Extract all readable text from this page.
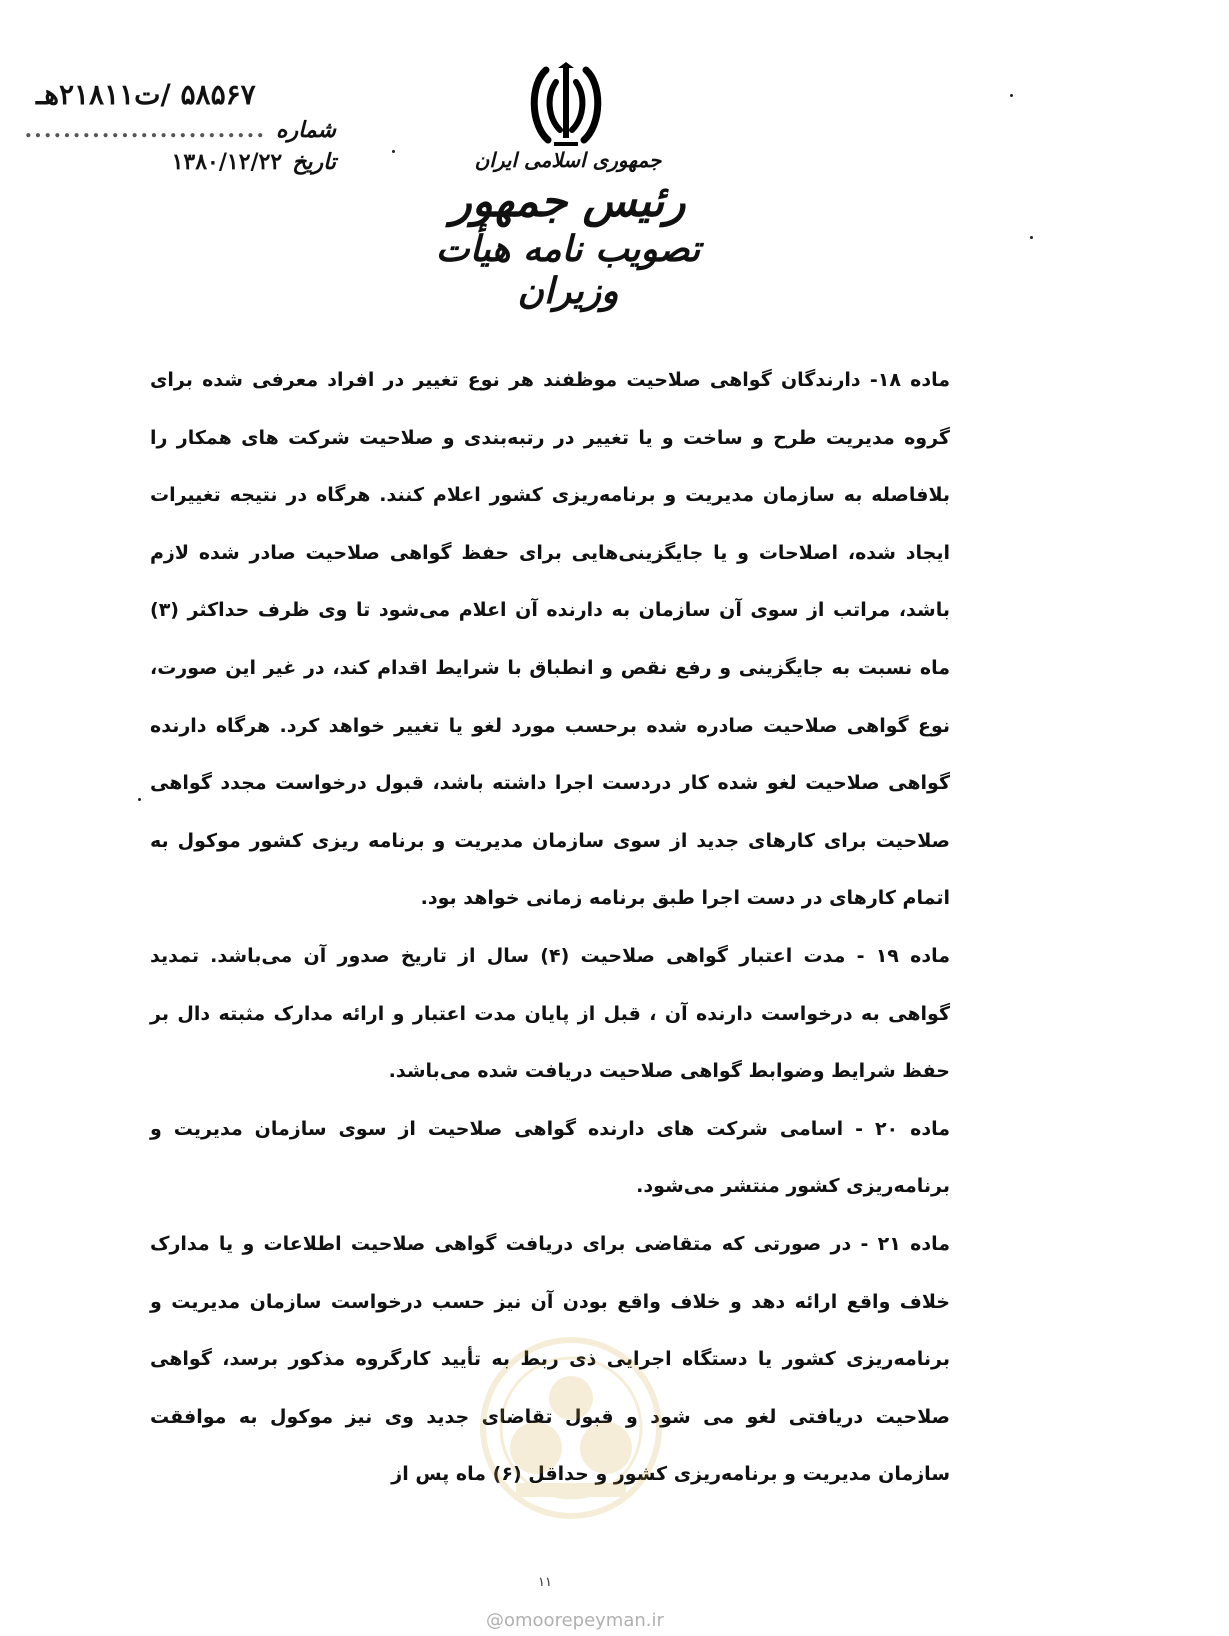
۵۸۵۶۷ /ت۲۱۸۱۱هـ
شماره
.........................
تاریخ
۱۳۸۰/۱۲/۲۲	جمهوری اسلامی ایران
رئیس جمهور
تصویب نامه هیأت وزیران

ماده ۱۸- دارندگان گواهی صلاحیت موظفند هر نوع تغییر در افراد معرفی شده برای گروه مدیریت طرح و ساخت و یا تغییر در رتبه‌بندی و صلاحیت شرکت های همکار را بلافاصله به سازمان مدیریت و برنامه‌ریزی کشور اعلام کنند. هرگاه در نتیجه تغییرات ایجاد شده، اصلاحات و یا جایگزینی‌هایی برای حفظ گواهی صلاحیت صادر شده لازم باشد، مراتب از سوی آن سازمان به دارنده آن اعلام می‌شود تا وی ظرف حداکثر (۳) ماه نسبت به جایگزینی و رفع نقص و انطباق با شرایط اقدام کند، در غیر این صورت، نوع گواهی صلاحیت صادره شده برحسب مورد لغو یا تغییر خواهد کرد. هرگاه دارنده گواهی صلاحیت لغو شده کار دردست اجرا داشته باشد، قبول درخواست مجدد گواهی صلاحیت برای کارهای جدید از سوی سازمان مدیریت و برنامه ریزی کشور موکول به اتمام کارهای در دست اجرا طبق برنامه زمانی خواهد بود.

ماده ۱۹ - مدت اعتبار گواهی صلاحیت (۴) سال از تاریخ صدور آن می‌باشد. تمدید گواهی به درخواست دارنده آن ، قبل از پایان مدت اعتبار و ارائه مدارک مثبته دال بر حفظ شرایط وضوابط گواهی صلاحیت دریافت شده می‌باشد.

ماده ۲۰ - اسامی شرکت های دارنده گواهی صلاحیت از سوی سازمان مدیریت و برنامه‌ریزی کشور منتشر می‌شود.

ماده ۲۱ - در صورتی که متقاضی برای دریافت گواهی صلاحیت اطلاعات و یا مدارک خلاف واقع ارائه دهد و خلاف واقع بودن آن نیز حسب درخواست سازمان مدیریت و برنامه‌ریزی کشور یا دستگاه اجرایی ذی ربط به تأیید کارگروه مذکور برسد، گواهی صلاحیت دریافتی لغو می شود و قبول تقاضای جدید وی نیز موکول به موافقت سازمان مدیریت و برنامه‌ریزی کشور و حداقل (۶) ماه پس از

@omoorepeyman.ir
۱۱
